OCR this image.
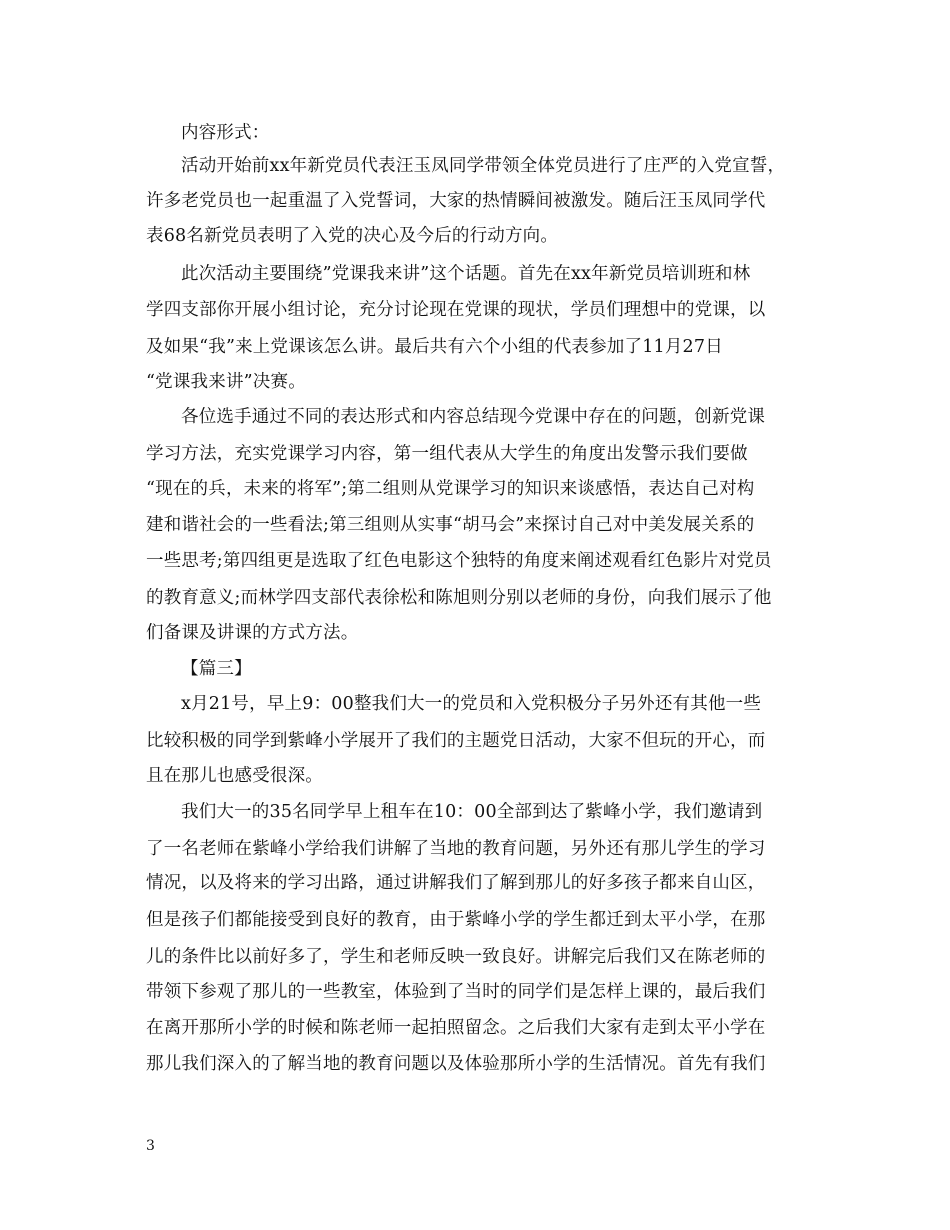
内容形式：
活动开始前xx年新党员代表汪玉凤同学带领全体党员进行了庄严的入党宣誓，
许多老党员也一起重温了入党誓词，大家的热情瞬间被激发。随后汪玉凤同学代
表68名新党员表明了入党的决心及今后的行动方向。
此次活动主要围绕”党课我来讲”这个话题。首先在xx年新党员培训班和林
学四支部你开展小组讨论，充分讨论现在党课的现状，学员们理想中的党课，以
及如果“我”来上党课该怎么讲。最后共有六个小组的代表参加了11月27日
“党课我来讲”决赛。
各位选手通过不同的表达形式和内容总结现今党课中存在的问题，创新党课
学习方法，充实党课学习内容，第一组代表从大学生的角度出发警示我们要做
“现在的兵，未来的将军”;第二组则从党课学习的知识来谈感悟，表达自己对构
建和谐社会的一些看法;第三组则从实事“胡马会”来探讨自己对中美发展关系的
一些思考;第四组更是选取了红色电影这个独特的角度来阐述观看红色影片对党员
的教育意义;而林学四支部代表徐松和陈旭则分别以老师的身份，向我们展示了他
们备课及讲课的方式方法。
【篇三】
x月21号，早上9：00整我们大一的党员和入党积极分子另外还有其他一些
比较积极的同学到紫峰小学展开了我们的主题党日活动，大家不但玩的开心，而
且在那儿也感受很深。
我们大一的35名同学早上租车在10：00全部到达了紫峰小学，我们邀请到
了一名老师在紫峰小学给我们讲解了当地的教育问题，另外还有那儿学生的学习
情况，以及将来的学习出路，通过讲解我们了解到那儿的好多孩子都来自山区，
但是孩子们都能接受到良好的教育，由于紫峰小学的学生都迁到太平小学，在那
儿的条件比以前好多了，学生和老师反映一致良好。讲解完后我们又在陈老师的
带领下参观了那儿的一些教室，体验到了当时的同学们是怎样上课的，最后我们
在离开那所小学的时候和陈老师一起拍照留念。之后我们大家有走到太平小学在
那儿我们深入的了解当地的教育问题以及体验那所小学的生活情况。首先有我们
3
